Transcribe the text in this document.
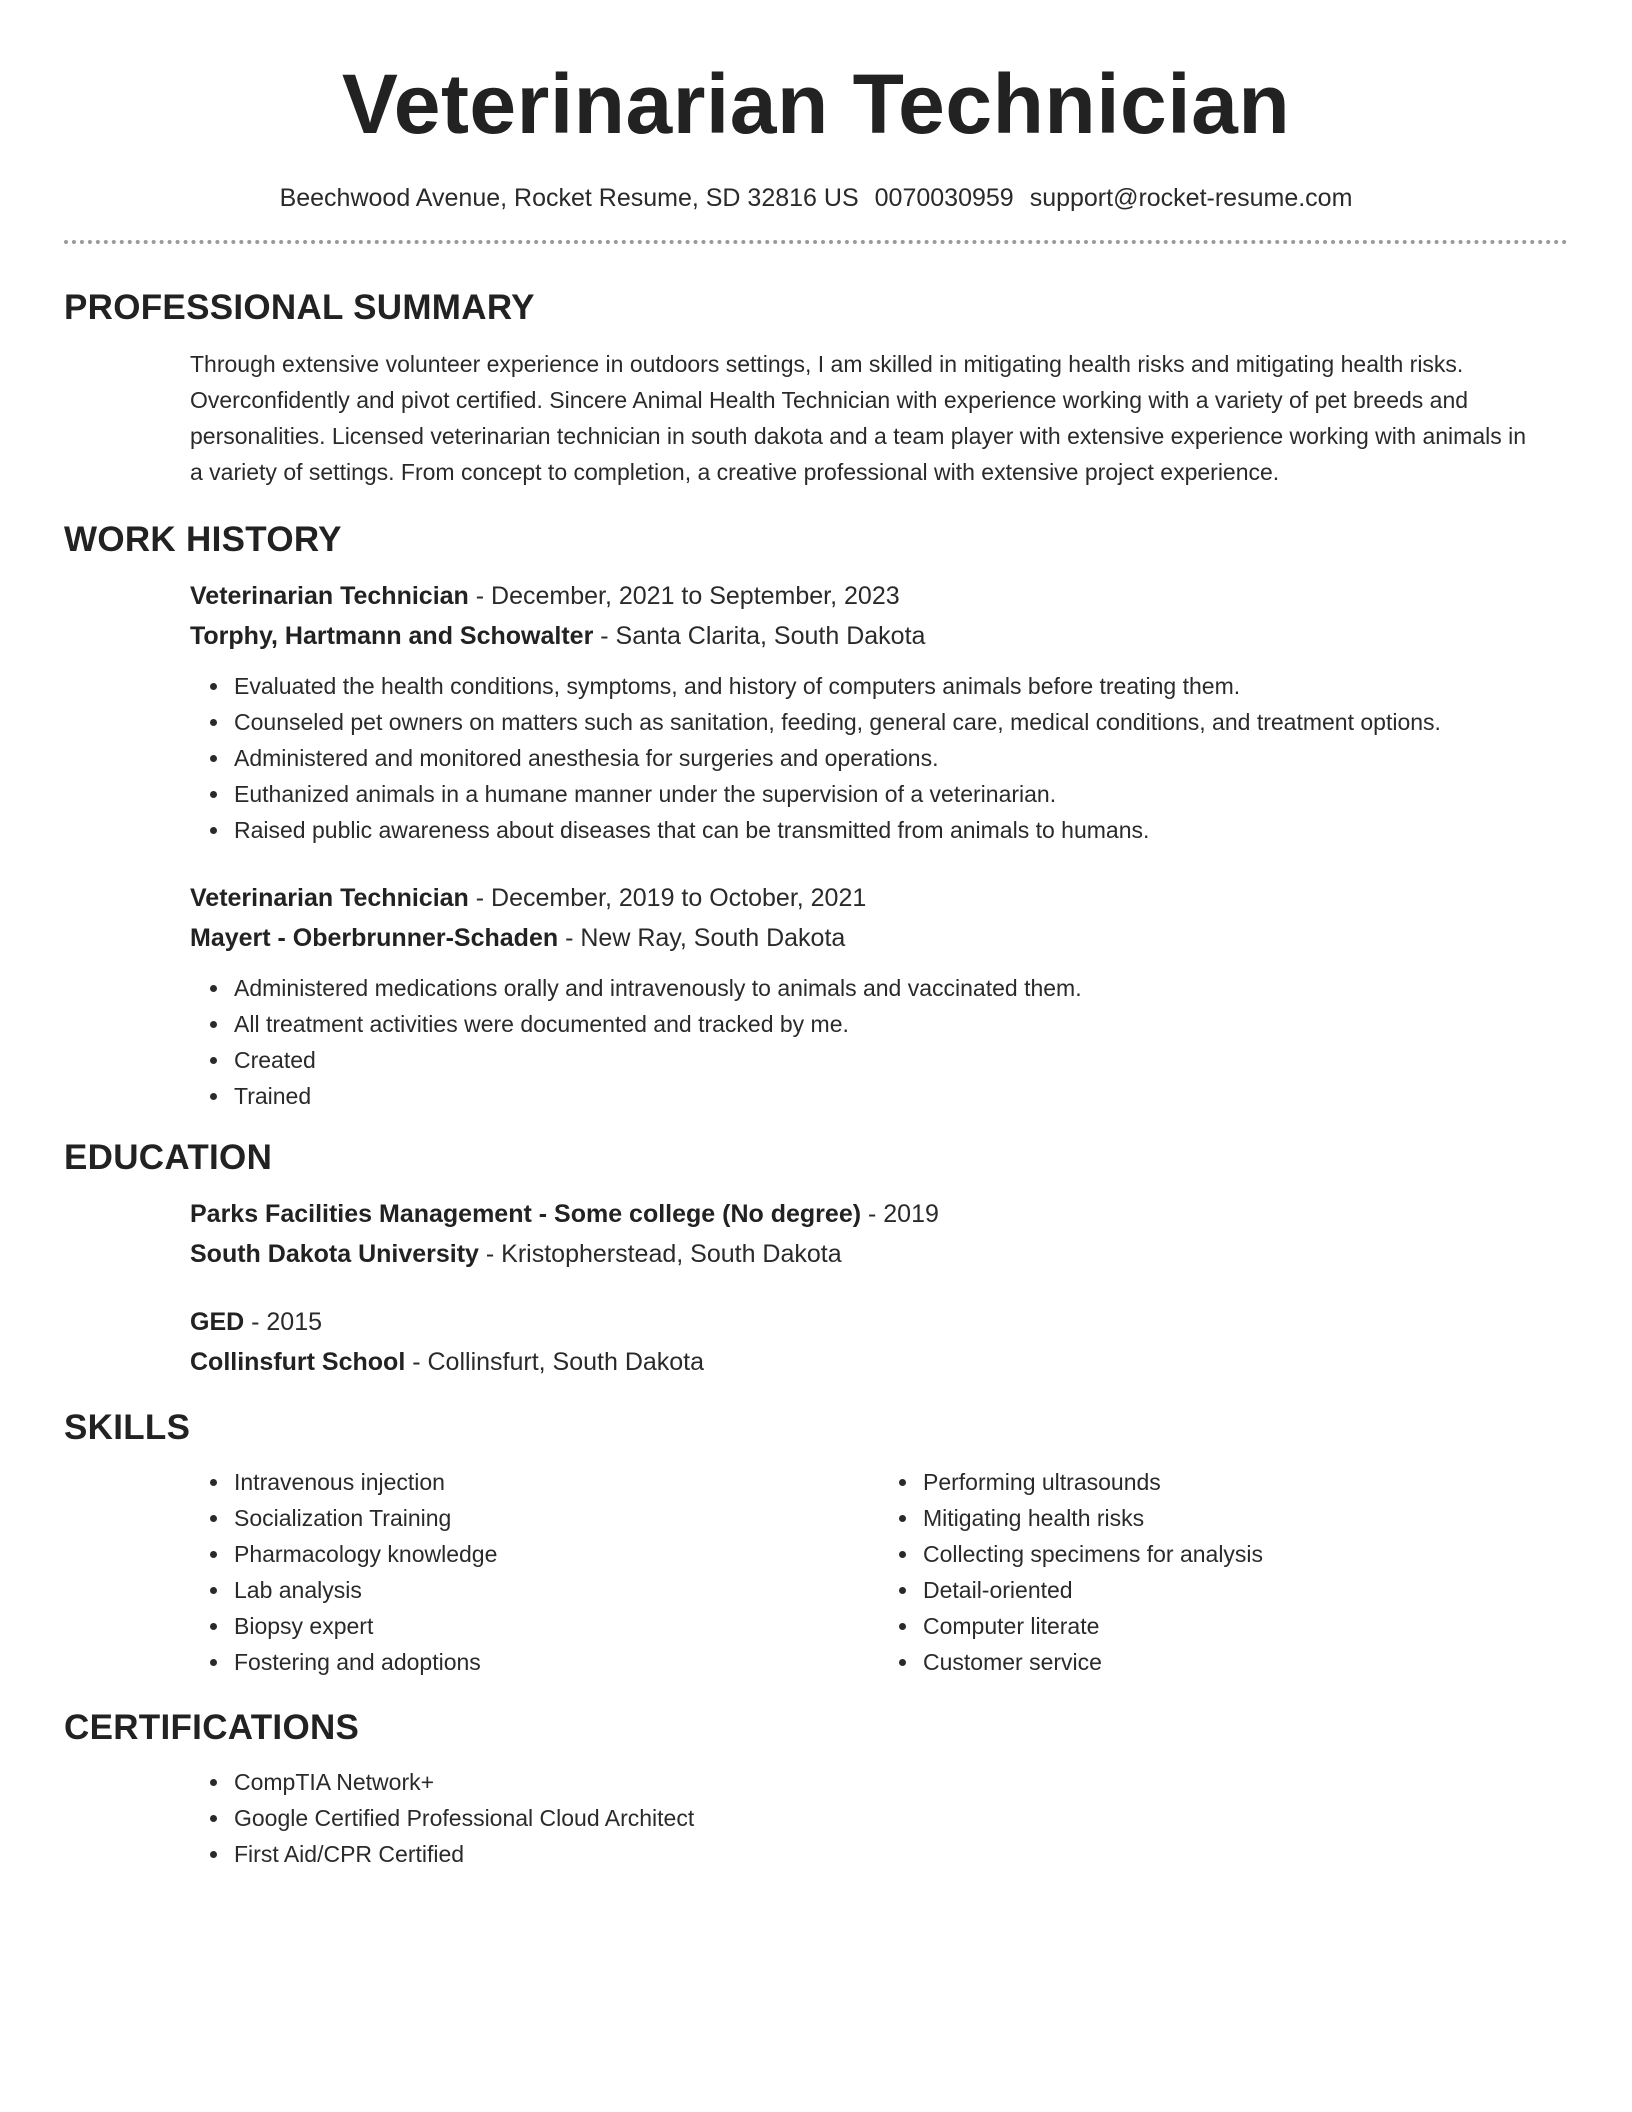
Veterinarian Technician
Beechwood Avenue, Rocket Resume, SD 32816 US 0070030959 support@rocket-resume.com
PROFESSIONAL SUMMARY

Through extensive volunteer experience in outdoors settings, I am skilled in mitigating health risks and mitigating health risks. Overconfidently and pivot certified. Sincere Animal Health Technician with experience working with a variety of pet breeds and personalities. Licensed veterinarian technician in south dakota and a team player with extensive experience working with animals in a variety of settings. From concept to completion, a creative professional with extensive project experience.

WORK HISTORY
Veterinarian Technician - December, 2021 to September, 2023
Torphy, Hartmann and Schowalter - Santa Clarita, South Dakota
Evaluated the health conditions, symptoms, and history of computers animals before treating them.
Counseled pet owners on matters such as sanitation, feeding, general care, medical conditions, and treatment options.
Administered and monitored anesthesia for surgeries and operations.
Euthanized animals in a humane manner under the supervision of a veterinarian.
Raised public awareness about diseases that can be transmitted from animals to humans.
Veterinarian Technician - December, 2019 to October, 2021
Mayert - Oberbrunner-Schaden - New Ray, South Dakota
Administered medications orally and intravenously to animals and vaccinated them.
All treatment activities were documented and tracked by me.
Created
Trained
EDUCATION
Parks Facilities Management - Some college (No degree) - 2019
South Dakota University - Kristopherstead, South Dakota
GED - 2015
Collinsfurt School - Collinsfurt, South Dakota
SKILLS
Intravenous injection
Socialization Training
Pharmacology knowledge
Lab analysis
Biopsy expert
Fostering and adoptions
Performing ultrasounds
Mitigating health risks
Collecting specimens for analysis
Detail-oriented
Computer literate
Customer service
CERTIFICATIONS
CompTIA Network+
Google Certified Professional Cloud Architect
First Aid/CPR Certified
